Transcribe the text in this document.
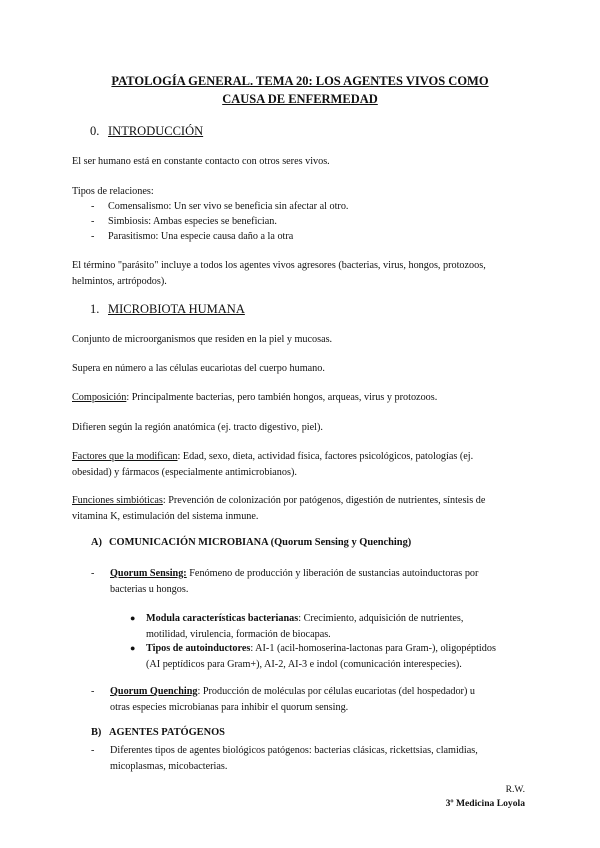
PATOLOGÍA GENERAL. TEMA 20: LOS AGENTES VIVOS COMO
CAUSA DE ENFERMEDAD
0. INTRODUCCIÓN
El ser humano está en constante contacto con otros seres vivos.
Tipos de relaciones:
- Comensalismo: Un ser vivo se beneficia sin afectar al otro.
- Simbiosis: Ambas especies se benefician.
- Parasitismo: Una especie causa daño a la otra
El término "parásito" incluye a todos los agentes vivos agresores (bacterias, virus, hongos, protozoos,
helmintos, artrópodos).
1. MICROBIOTA HUMANA
Conjunto de microorganismos que residen en la piel y mucosas.
Supera en número a las células eucariotas del cuerpo humano.
Composición: Principalmente bacterias, pero también hongos, arqueas, virus y protozoos.
Difieren según la región anatómica (ej. tracto digestivo, piel).
Factores que la modifican: Edad, sexo, dieta, actividad física, factores psicológicos, patologías (ej.
obesidad) y fármacos (especialmente antimicrobianos).
Funciones simbióticas: Prevención de colonización por patógenos, digestión de nutrientes, síntesis de
vitamina K, estimulación del sistema inmune.
A) COMUNICACIÓN MICROBIANA (Quorum Sensing y Quenching)
- Quorum Sensing: Fenómeno de producción y liberación de sustancias autoinductoras por
bacterias u hongos.
● Modula características bacterianas: Crecimiento, adquisición de nutrientes,
motilidad, virulencia, formación de biocapas.
● Tipos de autoinductores: AI-1 (acil-homoserina-lactonas para Gram-), oligopéptidos
(AI peptídicos para Gram+), AI-2, AI-3 e indol (comunicación interespecies).
- Quorum Quenching: Producción de moléculas por células eucariotas (del hospedador) u
otras especies microbianas para inhibir el quorum sensing.
B) AGENTES PATÓGENOS
- Diferentes tipos de agentes biológicos patógenos: bacterias clásicas, rickettsias, clamidias,
micoplasmas, micobacterias.
R.W.
3º Medicina Loyola
